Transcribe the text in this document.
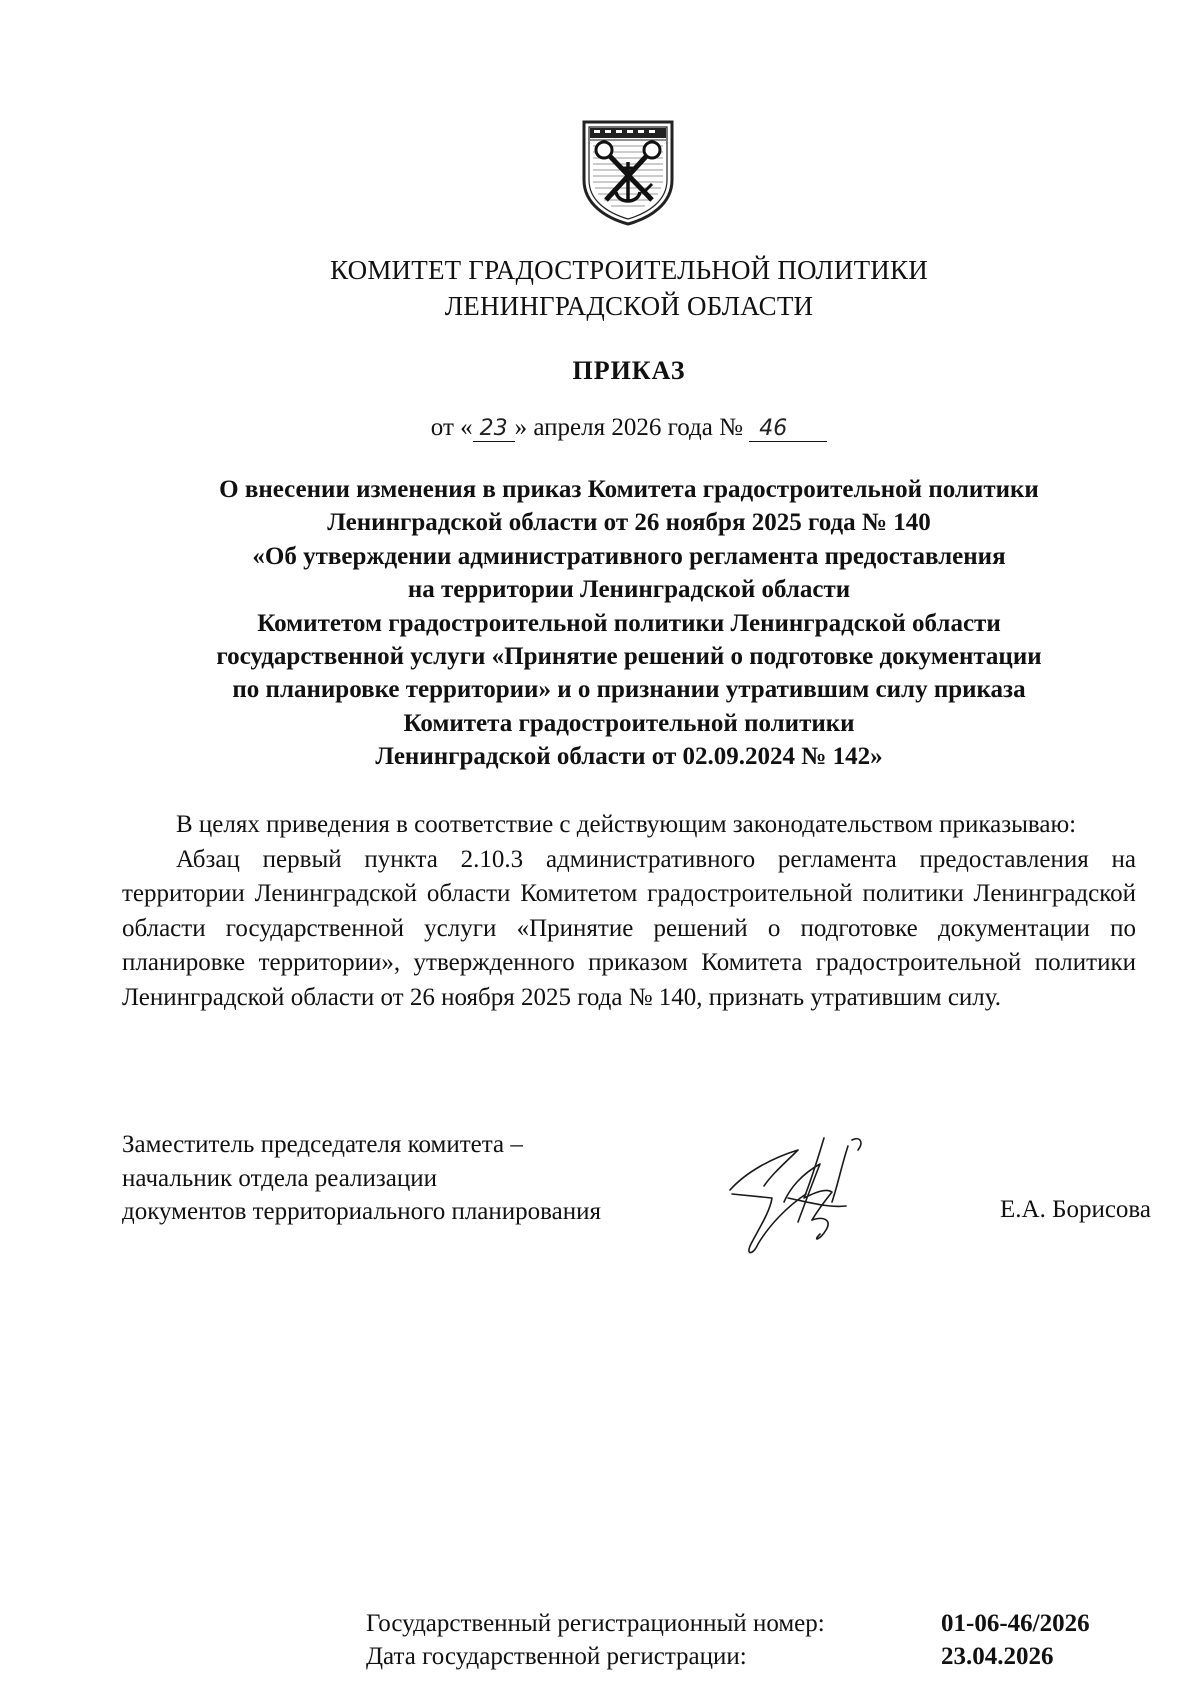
КОМИТЕТ ГРАДОСТРОИТЕЛЬНОЙ ПОЛИТИКИ
ЛЕНИНГРАДСКОЙ ОБЛАСТИ
ПРИКАЗ
от « 23 » апреля 2026 года № 46
О внесении изменения в приказ Комитета градостроительной политики
Ленинградской области от 26 ноября 2025 года № 140
«Об утверждении административного регламента предоставления
на территории Ленинградской области
Комитетом градостроительной политики Ленинградской области
государственной услуги «Принятие решений о подготовке документации
по планировке территории» и о признании утратившим силу приказа
Комитета градостроительной политики
Ленинградской области от 02.09.2024 № 142»

В целях приведения в соответствие с действующим законодательством приказываю:

Абзац первый пункта 2.10.3 административного регламента предоставления на территории Ленинградской области Комитетом градостроительной политики Ленинградской области государственной услуги «Принятие решений о подготовке документации по планировке территории», утвержденного приказом Комитета градостроительной политики Ленинградской области от 26 ноября 2025 года № 140, признать утратившим силу.

Заместитель председателя комитета –
начальник отдела реализации
документов территориального планирования	Е.А. Борисова
Государственный регистрационный номер:	01-06-46/2026
Дата государственной регистрации:	23.04.2026
